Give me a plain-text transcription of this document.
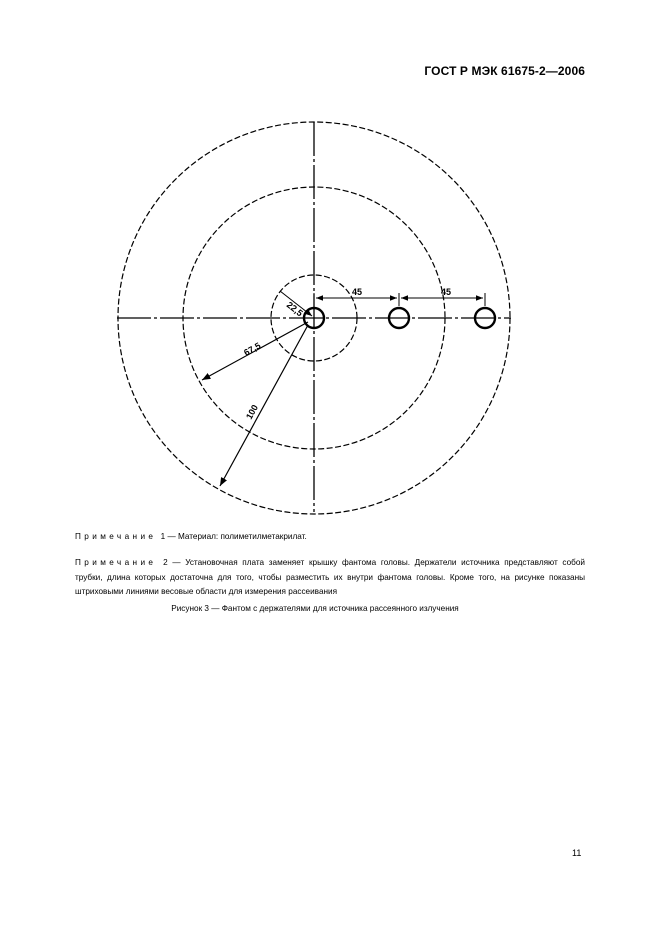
ГОСТ Р МЭК 61675-2—2006
45	45
22,5
67,5
100
Примечание 1 — Материал: полиметилметакрилат.
Примечание 2 — Установочная плата заменяет крышку фантома головы. Держатели источника представляют собой трубки, длина которых достаточна для того, чтобы разместить их внутри фантома головы. Кроме того, на рисунке показаны штриховыми линиями весовые области для измерения рассеивания
Рисунок 3 — Фантом с держателями для источника рассеянного излучения
11
